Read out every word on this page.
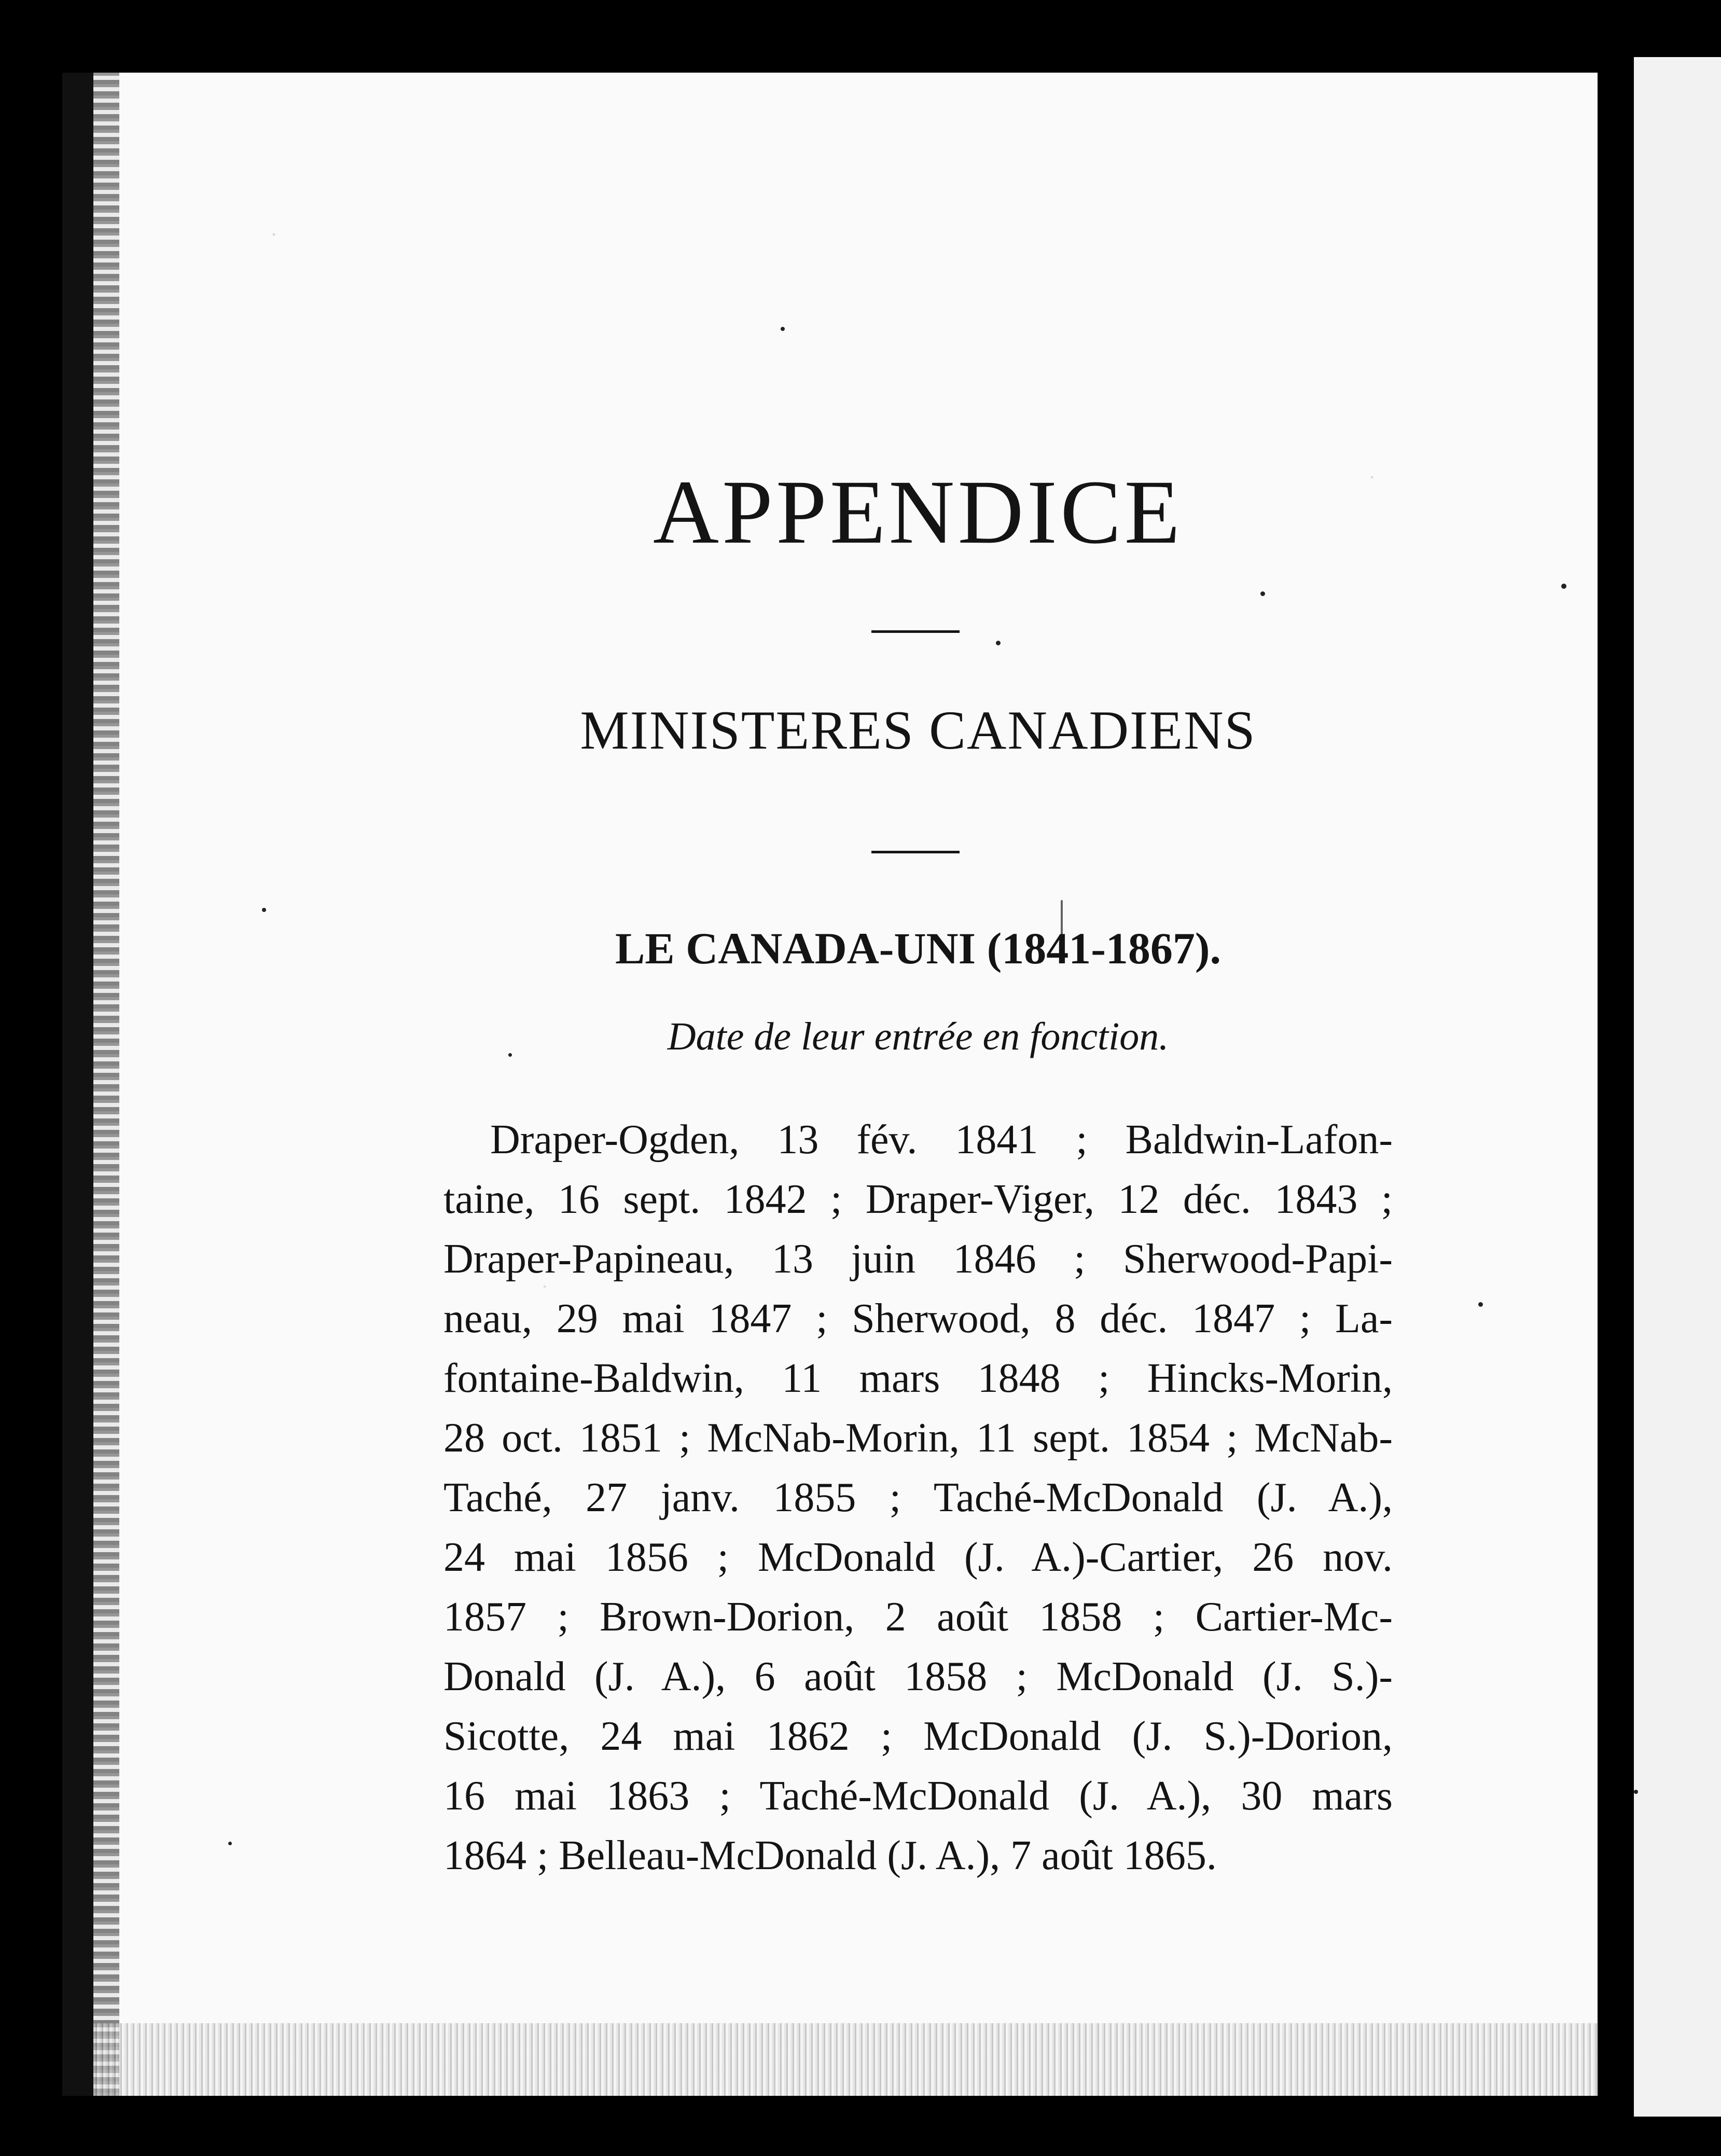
APPENDICE
MINISTERES CANADIENS
LE CANADA-UNI (1841-1867).
Date de leur entrée en fonction.

Draper-Ogden, 13 fév. 1841 ; Baldwin-Lafon-
taine, 16 sept. 1842 ; Draper-Viger, 12 déc. 1843 ;
Draper-Papineau, 13 juin 1846 ; Sherwood-Papi-
neau, 29 mai 1847 ; Sherwood, 8 déc. 1847 ; La-
fontaine-Baldwin, 11 mars 1848 ; Hincks-Morin,
28 oct. 1851 ; McNab-Morin, 11 sept. 1854 ; McNab-
Taché, 27 janv. 1855 ; Taché-McDonald (J. A.),
24 mai 1856 ; McDonald (J. A.)-Cartier, 26 nov.
1857 ; Brown-Dorion, 2 août 1858 ; Cartier-Mc-
Donald (J. A.), 6 août 1858 ; McDonald (J. S.)-
Sicotte, 24 mai 1862 ; McDonald (J. S.)-Dorion,
16 mai 1863 ; Taché-McDonald (J. A.), 30 mars
1864 ; Belleau-McDonald (J. A.), 7 août 1865.
